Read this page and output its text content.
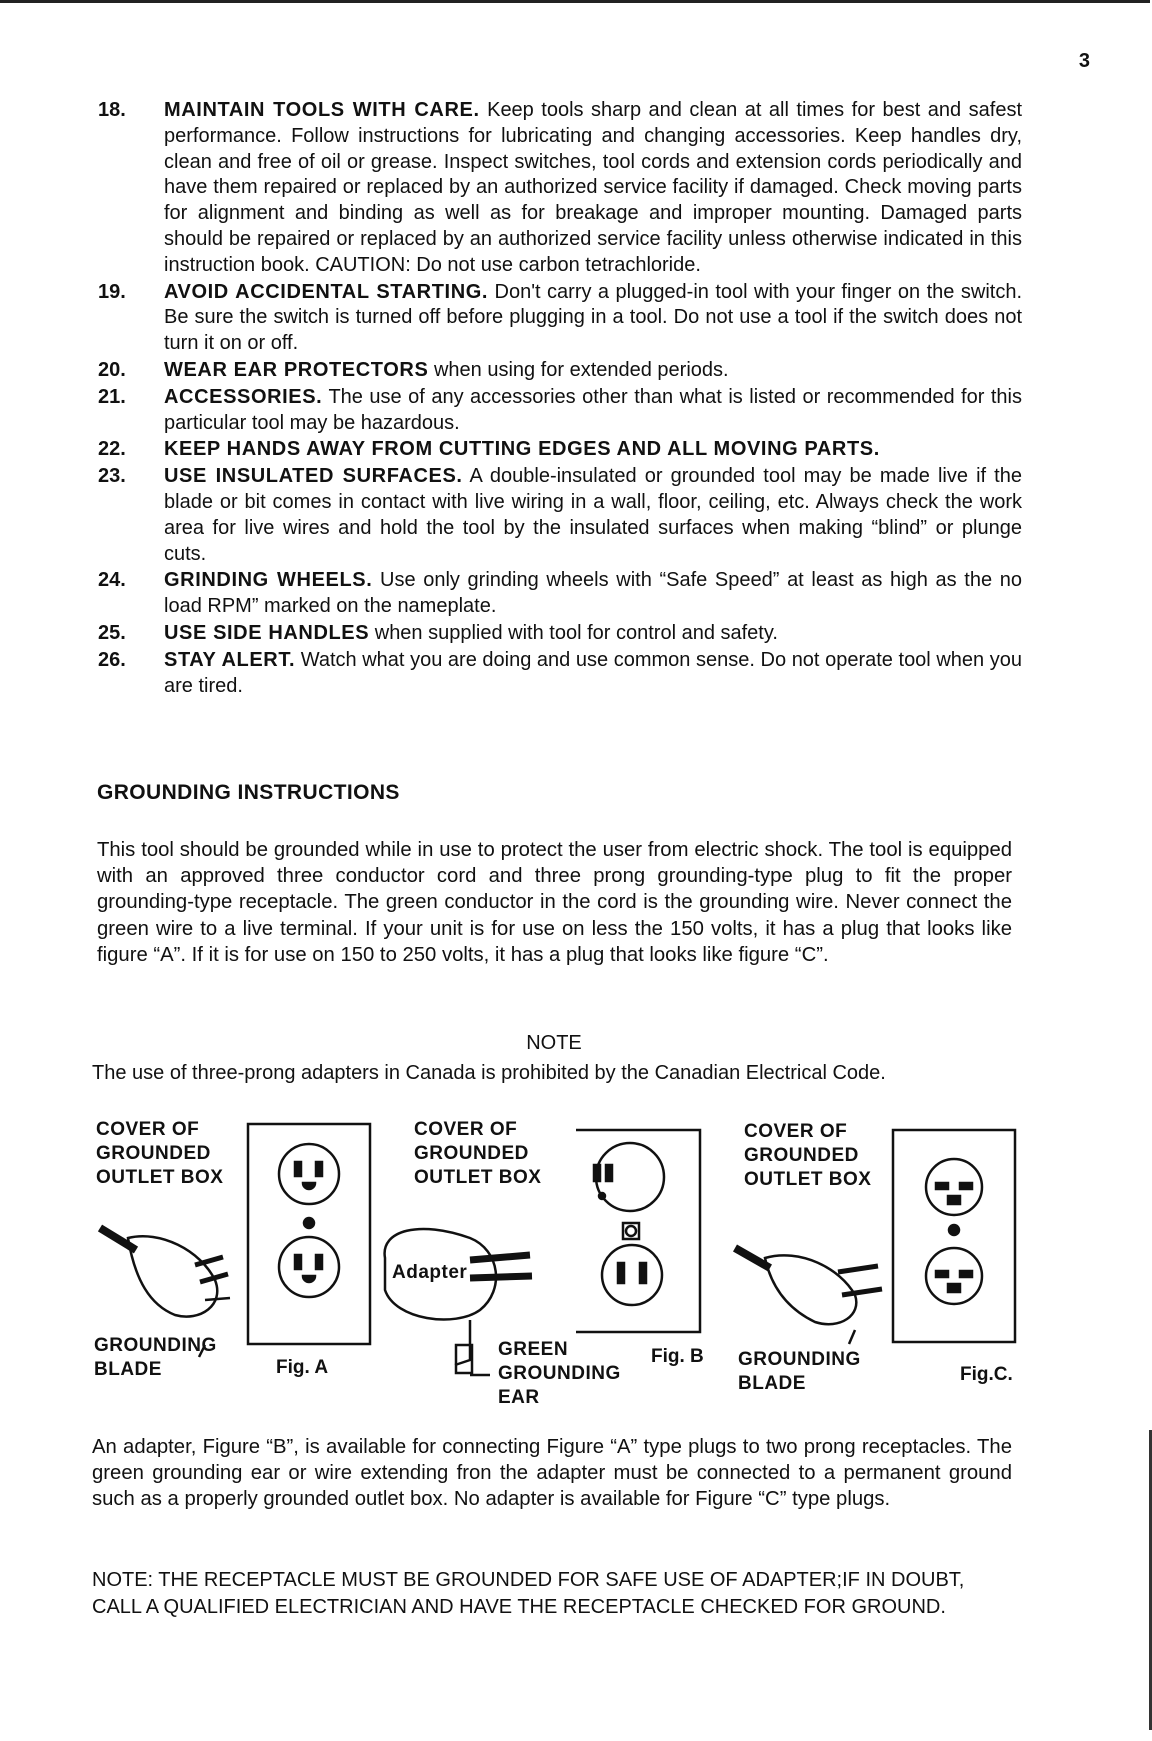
3
18.	MAINTAIN TOOLS WITH CARE. Keep tools sharp and clean at all times for best and safest performance. Follow instructions for lubricating and changing accessories. Keep handles dry, clean and free of oil or grease. Inspect switches, tool cords and extension cords periodically and have them repaired or replaced by an authorized service facility if damaged. Check moving parts for alignment and binding as well as for breakage and improper mounting. Damaged parts should be repaired or replaced by an authorized service facility unless otherwise indicated in this instruction book. CAUTION: Do not use carbon tetrachloride.
19.	AVOID ACCIDENTAL STARTING. Don't carry a plugged-in tool with your finger on the switch. Be sure the switch is turned off before plugging in a tool. Do not use a tool if the switch does not turn it on or off.
20.	WEAR EAR PROTECTORS when using for extended periods.
21.	ACCESSORIES. The use of any accessories other than what is listed or recommended for this particular tool may be hazardous.
22.	KEEP HANDS AWAY FROM CUTTING EDGES AND ALL MOVING PARTS.
23.	USE INSULATED SURFACES. A double-insulated or grounded tool may be made live if the blade or bit comes in contact with live wiring in a wall, floor, ceiling, etc. Always check the work area for live wires and hold the tool by the insulated surfaces when making “blind” or plunge cuts.
24.	GRINDING WHEELS. Use only grinding wheels with “Safe Speed” at least as high as the no load RPM” marked on the nameplate.
25.	USE SIDE HANDLES when supplied with tool for control and safety.
26.	STAY ALERT. Watch what you are doing and use common sense. Do not operate tool when you are tired.
GROUNDING INSTRUCTIONS

This tool should be grounded while in use to protect the user from electric shock. The tool is equipped with an approved three conductor cord and three prong grounding-type plug to fit the proper grounding-type receptacle. The green conductor in the cord is the grounding wire. Never connect the green wire to a live terminal. If your unit is for use on less the 150 volts, it has a plug that looks like figure “A”. If it is for use on 150 to 250 volts, it has a plug that looks like figure “C”.

NOTE

The use of three-prong adapters in Canada is prohibited by the Canadian Electrical Code.

COVER OF
GROUNDED
OUTLET BOX

GROUNDING
BLADE	Fig. A

COVER OF
GROUNDED
OUTLET BOX

Adapter

GREEN
GROUNDING
EAR

Fig. B

COVER OF
GROUNDED
OUTLET BOX

GROUNDING
BLADE	Fig.C.

An adapter, Figure “B”, is available for connecting Figure “A” type plugs to two prong receptacles. The green grounding ear or wire extending fron the adapter must be connected to a permanent ground such as a properly grounded outlet box. No adapter is available for Figure “C” type plugs.

NOTE: THE RECEPTACLE MUST BE GROUNDED FOR SAFE USE OF ADAPTER;IF IN DOUBT, CALL A QUALIFIED ELECTRICIAN AND HAVE THE RECEPTACLE CHECKED FOR GROUND.
